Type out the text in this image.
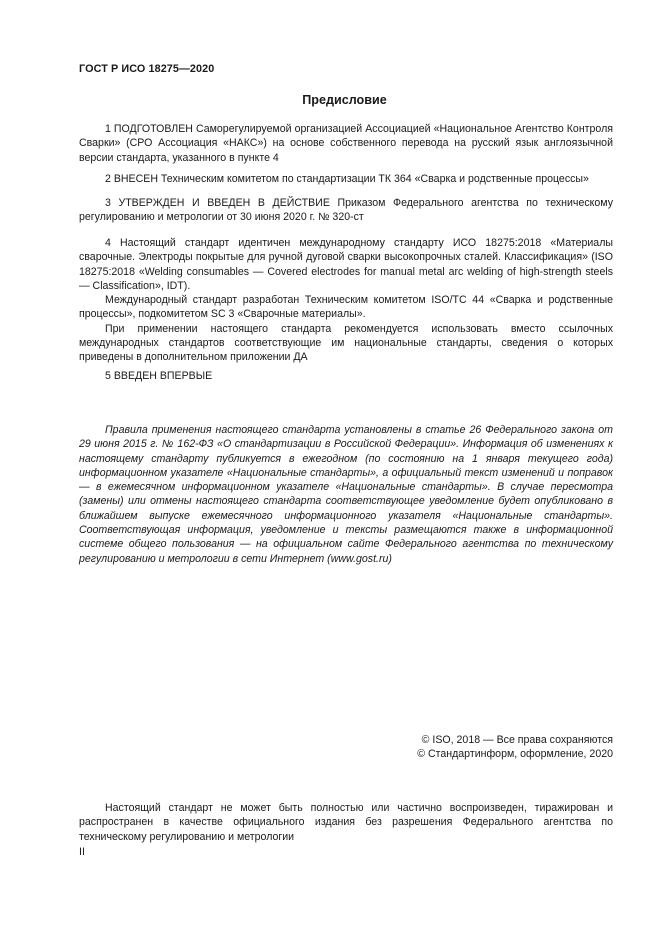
ГОСТ Р ИСО 18275—2020
Предисловие

1 ПОДГОТОВЛЕН Саморегулируемой организацией Ассоциацией «Национальное Агентство Контроля Сварки» (СРО Ассоциация «НАКС») на основе собственного перевода на русский язык англоязычной версии стандарта, указанного в пункте 4

2 ВНЕСЕН Техническим комитетом по стандартизации ТК 364 «Сварка и родственные процессы»

3 УТВЕРЖДЕН И ВВЕДЕН В ДЕЙСТВИЕ Приказом Федерального агентства по техническому регулированию и метрологии от 30 июня 2020 г. № 320-ст

4 Настоящий стандарт идентичен международному стандарту ИСО 18275:2018 «Материалы сварочные. Электроды покрытые для ручной дуговой сварки высокопрочных сталей. Классификация» (ISO 18275:2018 «Welding consumables — Covered electrodes for manual metal arc welding of high-strength steels — Classification», IDT).

Международный стандарт разработан Техническим комитетом ISO/TC 44 «Сварка и родственные процессы», подкомитетом SC 3 «Сварочные материалы».

При применении настоящего стандарта рекомендуется использовать вместо ссылочных международных стандартов соответствующие им национальные стандарты, сведения о которых приведены в дополнительном приложении ДА

5 ВВЕДЕН ВПЕРВЫЕ

Правила применения настоящего стандарта установлены в статье 26 Федерального закона от 29 июня 2015 г. № 162-ФЗ «О стандартизации в Российской Федерации». Информация об изменениях к настоящему стандарту публикуется в ежегодном (по состоянию на 1 января текущего года) информационном указателе «Национальные стандарты», а официальный текст изменений и поправок — в ежемесячном информационном указателе «Национальные стандарты». В случае пересмотра (замены) или отмены настоящего стандарта соответствующее уведомление будет опубликовано в ближайшем выпуске ежемесячного информационного указателя «Национальные стандарты». Соответствующая информация, уведомление и тексты размещаются также в информационной системе общего пользования — на официальном сайте Федерального агентства по техническому регулированию и метрологии в сети Интернет (www.gost.ru)

© ISO, 2018 — Все права сохраняются
© Стандартинформ, оформление, 2020

Настоящий стандарт не может быть полностью или частично воспроизведен, тиражирован и распространен в качестве официального издания без разрешения Федерального агентства по техническому регулированию и метрологии

II
